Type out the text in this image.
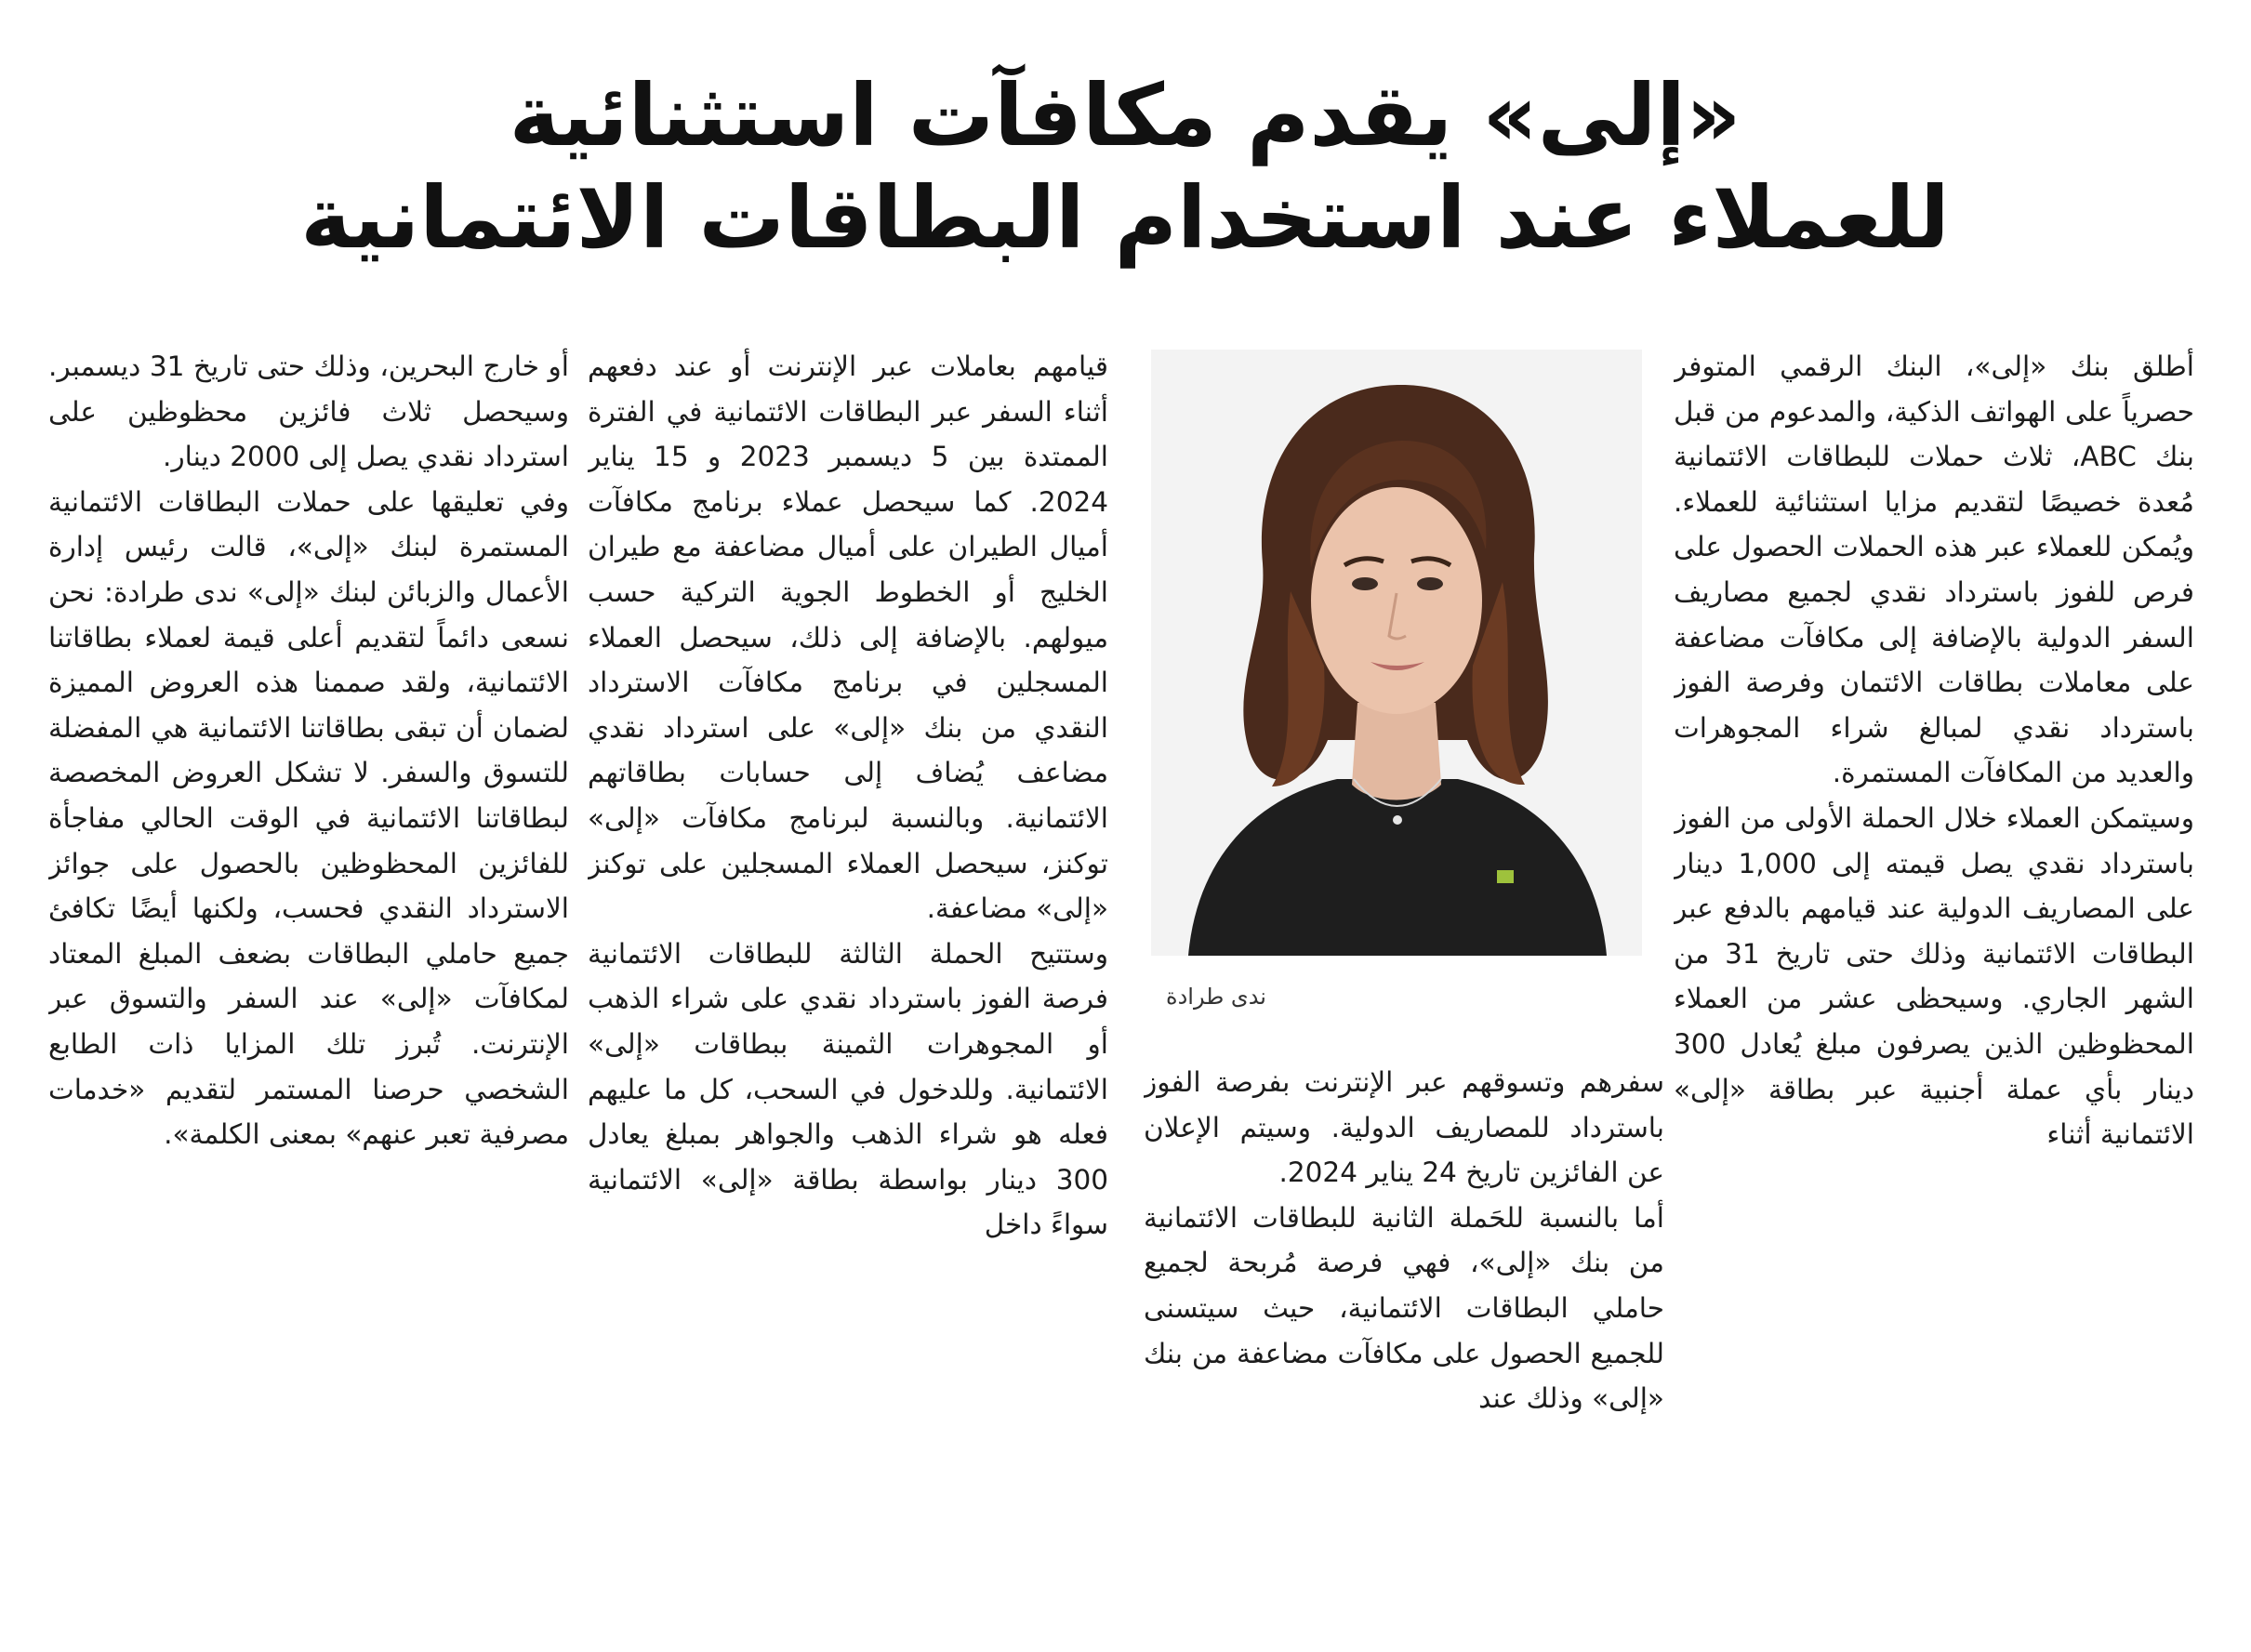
«إلى» يقدم مكافآت استثنائية
للعملاء عند استخدام البطاقات الائتمانية

أطلق بنك «إلى»، البنك الرقمي المتوفر حصرياً على الهواتف الذكية، والمدعوم من قبل بنك ABC، ثلاث حملات للبطاقات الائتمانية مُعدة خصيصًا لتقديم مزايا استثنائية للعملاء. ويُمكن للعملاء عبر هذه الحملات الحصول على فرص للفوز باسترداد نقدي لجميع مصاريف السفر الدولية بالإضافة إلى مكافآت مضاعفة على معاملات بطاقات الائتمان وفرصة الفوز باسترداد نقدي لمبالغ شراء المجوهرات والعديد من المكافآت المستمرة.

وسيتمكن العملاء خلال الحملة الأولى من الفوز باسترداد نقدي يصل قيمته إلى 1,000 دينار على المصاريف الدولية عند قيامهم بالدفع عبر البطاقات الائتمانية وذلك حتى تاريخ 31 من الشهر الجاري. وسيحظى عشر من العملاء المحظوظين الذين يصرفون مبلغ يُعادل 300 دينار بأي عملة أجنبية عبر بطاقة «إلى» الائتمانية أثناء

ندى طرادة

سفرهم وتسوقهم عبر الإنترنت بفرصة الفوز باسترداد للمصاريف الدولية. وسيتم الإعلان عن الفائزين تاريخ 24 يناير 2024.

أما بالنسبة للحَملة الثانية للبطاقات الائتمانية من بنك «إلى»، فهي فرصة مُربحة لجميع حاملي البطاقات الائتمانية، حيث سيتسنى للجميع الحصول على مكافآت مضاعفة من بنك «إلى» وذلك عند

قيامهم بعاملات عبر الإنترنت أو عند دفعهم أثناء السفر عبر البطاقات الائتمانية في الفترة الممتدة بين 5 ديسمبر 2023 و 15 يناير 2024. كما سيحصل عملاء برنامج مكافآت أميال الطيران على أميال مضاعفة مع طيران الخليج أو الخطوط الجوية التركية حسب ميولهم. بالإضافة إلى ذلك، سيحصل العملاء المسجلين في برنامج مكافآت الاسترداد النقدي من بنك «إلى» على استرداد نقدي مضاعف يُضاف إلى حسابات بطاقاتهم الائتمانية. وبالنسبة لبرنامج مكافآت «إلى» توكنز، سيحصل العملاء المسجلين على توكنز «إلى» مضاعفة.

وستتيح الحملة الثالثة للبطاقات الائتمانية فرصة الفوز باسترداد نقدي على شراء الذهب أو المجوهرات الثمينة ببطاقات «إلى» الائتمانية. وللدخول في السحب، كل ما عليهم فعله هو شراء الذهب والجواهر بمبلغ يعادل 300 دينار بواسطة بطاقة «إلى» الائتمانية سواءً داخل

أو خارج البحرين، وذلك حتى تاريخ 31 ديسمبر. وسيحصل ثلاث فائزين محظوظين على استرداد نقدي يصل إلى 2000 دينار.

وفي تعليقها على حملات البطاقات الائتمانية المستمرة لبنك «إلى»، قالت رئيس إدارة الأعمال والزبائن لبنك «إلى» ندى طرادة: نحن نسعى دائماً لتقديم أعلى قيمة لعملاء بطاقاتنا الائتمانية، ولقد صممنا هذه العروض المميزة لضمان أن تبقى بطاقاتنا الائتمانية هي المفضلة للتسوق والسفر. لا تشكل العروض المخصصة لبطاقاتنا الائتمانية في الوقت الحالي مفاجأة للفائزين المحظوظين بالحصول على جوائز الاسترداد النقدي فحسب، ولكنها أيضًا تكافئ جميع حاملي البطاقات بضعف المبلغ المعتاد لمكافآت «إلى» عند السفر والتسوق عبر الإنترنت. تُبرز تلك المزايا ذات الطابع الشخصي حرصنا المستمر لتقديم «خدمات مصرفية تعبر عنهم» بمعنى الكلمة».
